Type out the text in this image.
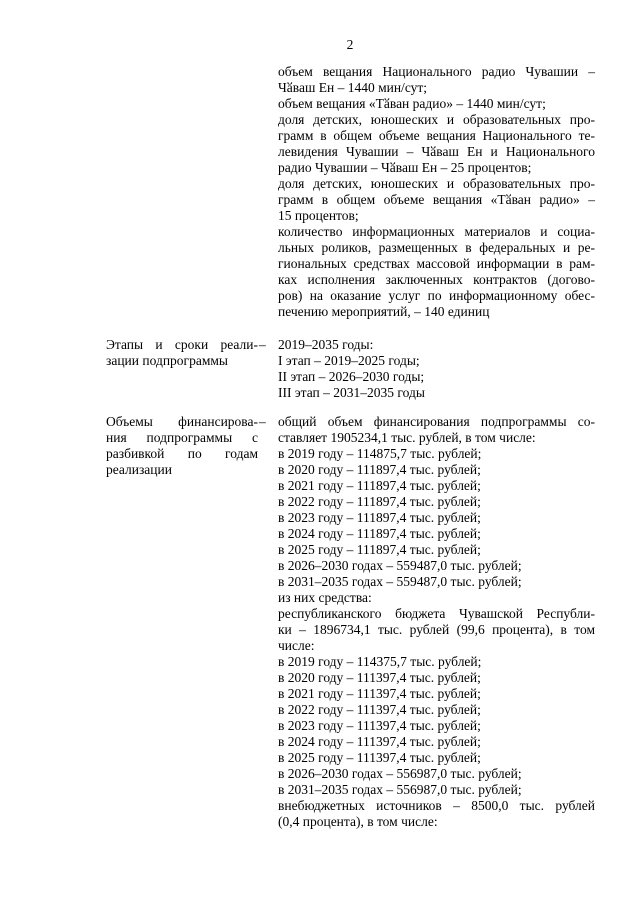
2
объем вещания Национального радио Чувашии –
Чӑваш Ен – 1440 мин/сут;
объем вещания «Тӑван радио» – 1440 мин/сут;
доля детских, юношеских и образовательных про-
грамм в общем объеме вещания Национального те-
левидения Чувашии – Чӑваш Ен и Национального
радио Чувашии – Чӑваш Ен – 25 процентов;
доля детских, юношеских и образовательных про-
грамм в общем объеме вещания «Тӑван радио» –
15 процентов;
количество информационных материалов и социа-
льных роликов, размещенных в федеральных и ре-
гиональных средствах массовой информации в рам-
ках исполнения заключенных контрактов (догово-
ров) на оказание услуг по информационному обес-
печению мероприятий, – 140 единиц
Этапы и сроки реали-
зации подпрограммы
– 2019–2035 годы:
I этап – 2019–2025 годы;
II этап – 2026–2030 годы;
III этап – 2031–2035 годы
Объемы финансирова-
ния подпрограммы с
разбивкой по годам
реализации
– общий объем финансирования подпрограммы со-
ставляет 1905234,1 тыс. рублей, в том числе:
в 2019 году – 114875,7 тыс. рублей;
в 2020 году – 111897,4 тыс. рублей;
в 2021 году – 111897,4 тыс. рублей;
в 2022 году – 111897,4 тыс. рублей;
в 2023 году – 111897,4 тыс. рублей;
в 2024 году – 111897,4 тыс. рублей;
в 2025 году – 111897,4 тыс. рублей;
в 2026–2030 годах – 559487,0 тыс. рублей;
в 2031–2035 годах – 559487,0 тыс. рублей;
из них средства:
республиканского бюджета Чувашской Республи-
ки – 1896734,1 тыс. рублей (99,6 процента), в том
числе:
в 2019 году – 114375,7 тыс. рублей;
в 2020 году – 111397,4 тыс. рублей;
в 2021 году – 111397,4 тыс. рублей;
в 2022 году – 111397,4 тыс. рублей;
в 2023 году – 111397,4 тыс. рублей;
в 2024 году – 111397,4 тыс. рублей;
в 2025 году – 111397,4 тыс. рублей;
в 2026–2030 годах – 556987,0 тыс. рублей;
в 2031–2035 годах – 556987,0 тыс. рублей;
внебюджетных источников – 8500,0 тыс. рублей
(0,4 процента), в том числе:
